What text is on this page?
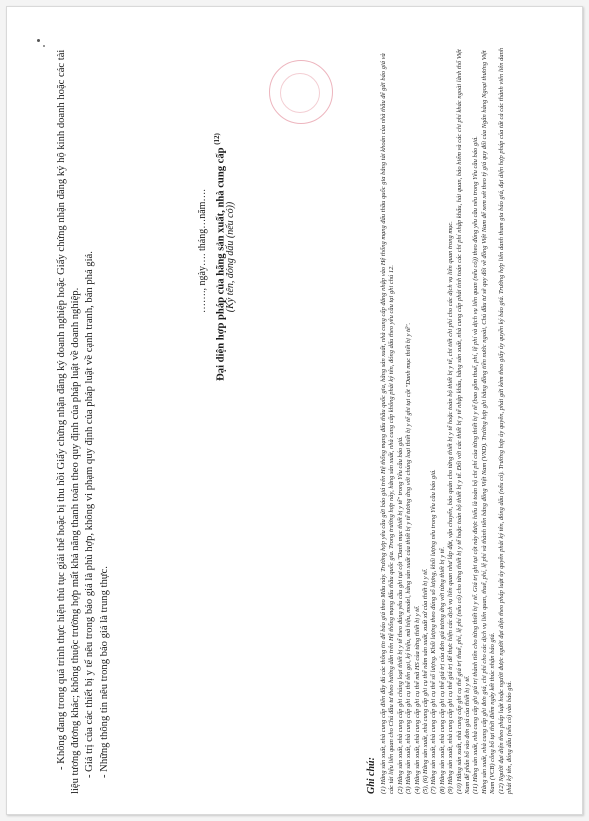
- Không đang trong quá trình thực hiện thủ tục giải thể hoặc bị thu hồi Giấy chứng nhận đăng ký doanh nghiệp hoặc Giấy chứng nhận đăng ký hộ kinh doanh hoặc các tài liệu tương đương khác; không thuộc trường hợp mất khả năng thanh toán theo quy định của pháp luật về doanh nghiệp. - Giá trị của các thiết bị y tế nêu trong báo giá là phù hợp, không vi phạm quy định của pháp luật về cạnh tranh, bán phá giá. - Những thông tin nêu trong báo giá là trung thực.

……., ngày…. tháng…năm…. Đại diện hợp pháp của hãng sản xuất, nhà cung cấp $^{(12)}$
(Ký tên, đóng dấu (nếu có))
Ghi chú: (1) Hãng sản xuất, nhà cung cấp điền đầy đủ các thông tin để báo giá theo Mẫu này. Trường hợp yêu cầu gửi báo giá trên Hệ thống mạng đấu thầu quốc gia, hãng sản xuất, nhà cung cấp đăng nhập vào Hệ thống mạng đấu thầu quốc gia bằng tài khoản của nhà thầu để gửi báo giá và các tài liệu liên quan cho Chủ đầu tư theo hướng dẫn trên Hệ thống mạng đấu thầu quốc gia. Trong trường hợp này, hãng sản xuất, nhà cung cấp không phải ký tên, đóng dấu theo yêu cầu tại ghi chú 12. (2) Hãng sản xuất, nhà cung cấp ghi chủng loại thiết bị y tế theo đúng yêu cầu ghi tại cột "Danh mục thiết bị y tế" trong Yêu cầu báo giá. (3) Hãng sản xuất, nhà cung cấp ghi cụ thể tên gọi, ký hiệu, mã hiệu, model, hãng sản xuất của thiết bị y tế tương ứng với chủng loại thiết bị y tế ghi tại cột "Danh mục thiết bị y tế". (4) Hãng sản xuất, nhà cung cấp ghi cụ thể mã HS của từng thiết bị y tế. (5), (6) Hãng sản xuất, nhà cung cấp ghi cụ thể năm sản xuất, xuất xứ của thiết bị y tế. (7) Hãng sản xuất, nhà cung cấp ghi cụ thể số lượng. Khối lượng theo đúng số lượng, khối lượng nêu trong Yêu cầu báo giá. (8) Hãng sản xuất, nhà cung cấp ghi cụ thể giá trị của đơn giá tương ứng với từng thiết bị y tế. (9) Hãng sản xuất, nhà cung cấp ghi cụ thể giá trị để thực hiện các dịch vụ liên quan như lắp đặt, vận chuyển, bảo quản cho từng thiết bị y tế hoặc toàn bộ thiết bị y tế, chi tiết chi phí cho các dịch vụ liên quan trong mục. (10) Hãng sản xuất, nhà cung cấp ghi cụ thể giá trị thuế, phí, lệ phí (nếu có) cho từng thiết bị y tế hoặc toàn bộ thiết bị y tế. Đối với các thiết bị y tế nhập khẩu, hãng sản xuất, nhà cung cấp phải tính toán các chi phí nhập khẩu, hải quan, bảo hiểm và các chi phí khác ngoài lãnh thổ Việt Nam để phân bổ vào đơn giá của thiết bị y tế. (11) Hãng sản xuất, nhà cung cấp ghi giá trị thành tiền cho từng thiết bị y tế. Giá trị ghi tại cột này được hiểu là toàn bộ chi phí của từng thiết bị y tế (bao gồm thuế, phí, lệ phí và dịch vụ liên quan (nếu có)) theo đúng yêu cầu nêu trong Yêu cầu báo giá. Hãng sản xuất, nhà cung cấp ghi đơn giá, chi phí cho các dịch vụ liên quan, thuế, phí, lệ phí và thành tiền bằng đồng Việt Nam (VND). Trường hợp ghi bằng đồng tiền nước ngoài, Chủ đầu tư sẽ quy đổi về đồng Việt Nam để xem xét theo tỷ giá quy đổi của Ngân hàng Ngoại thương Việt Nam (VCB) công bố tại thời điểm ngày kết thúc nhận báo giá. (12) Người đại diện theo pháp luật hoặc người được người đại diện theo pháp luật ủy quyền phải ký tên, đóng dấu (nếu có). Trường hợp ủy quyền, phải gửi kèm theo giấy ủy quyền ký báo giá. Trường hợp liên danh tham gia báo giá, đại diện hợp pháp của tất cả các thành viên liên danh phải ký tên, đóng dấu (nếu có) vào báo giá.
